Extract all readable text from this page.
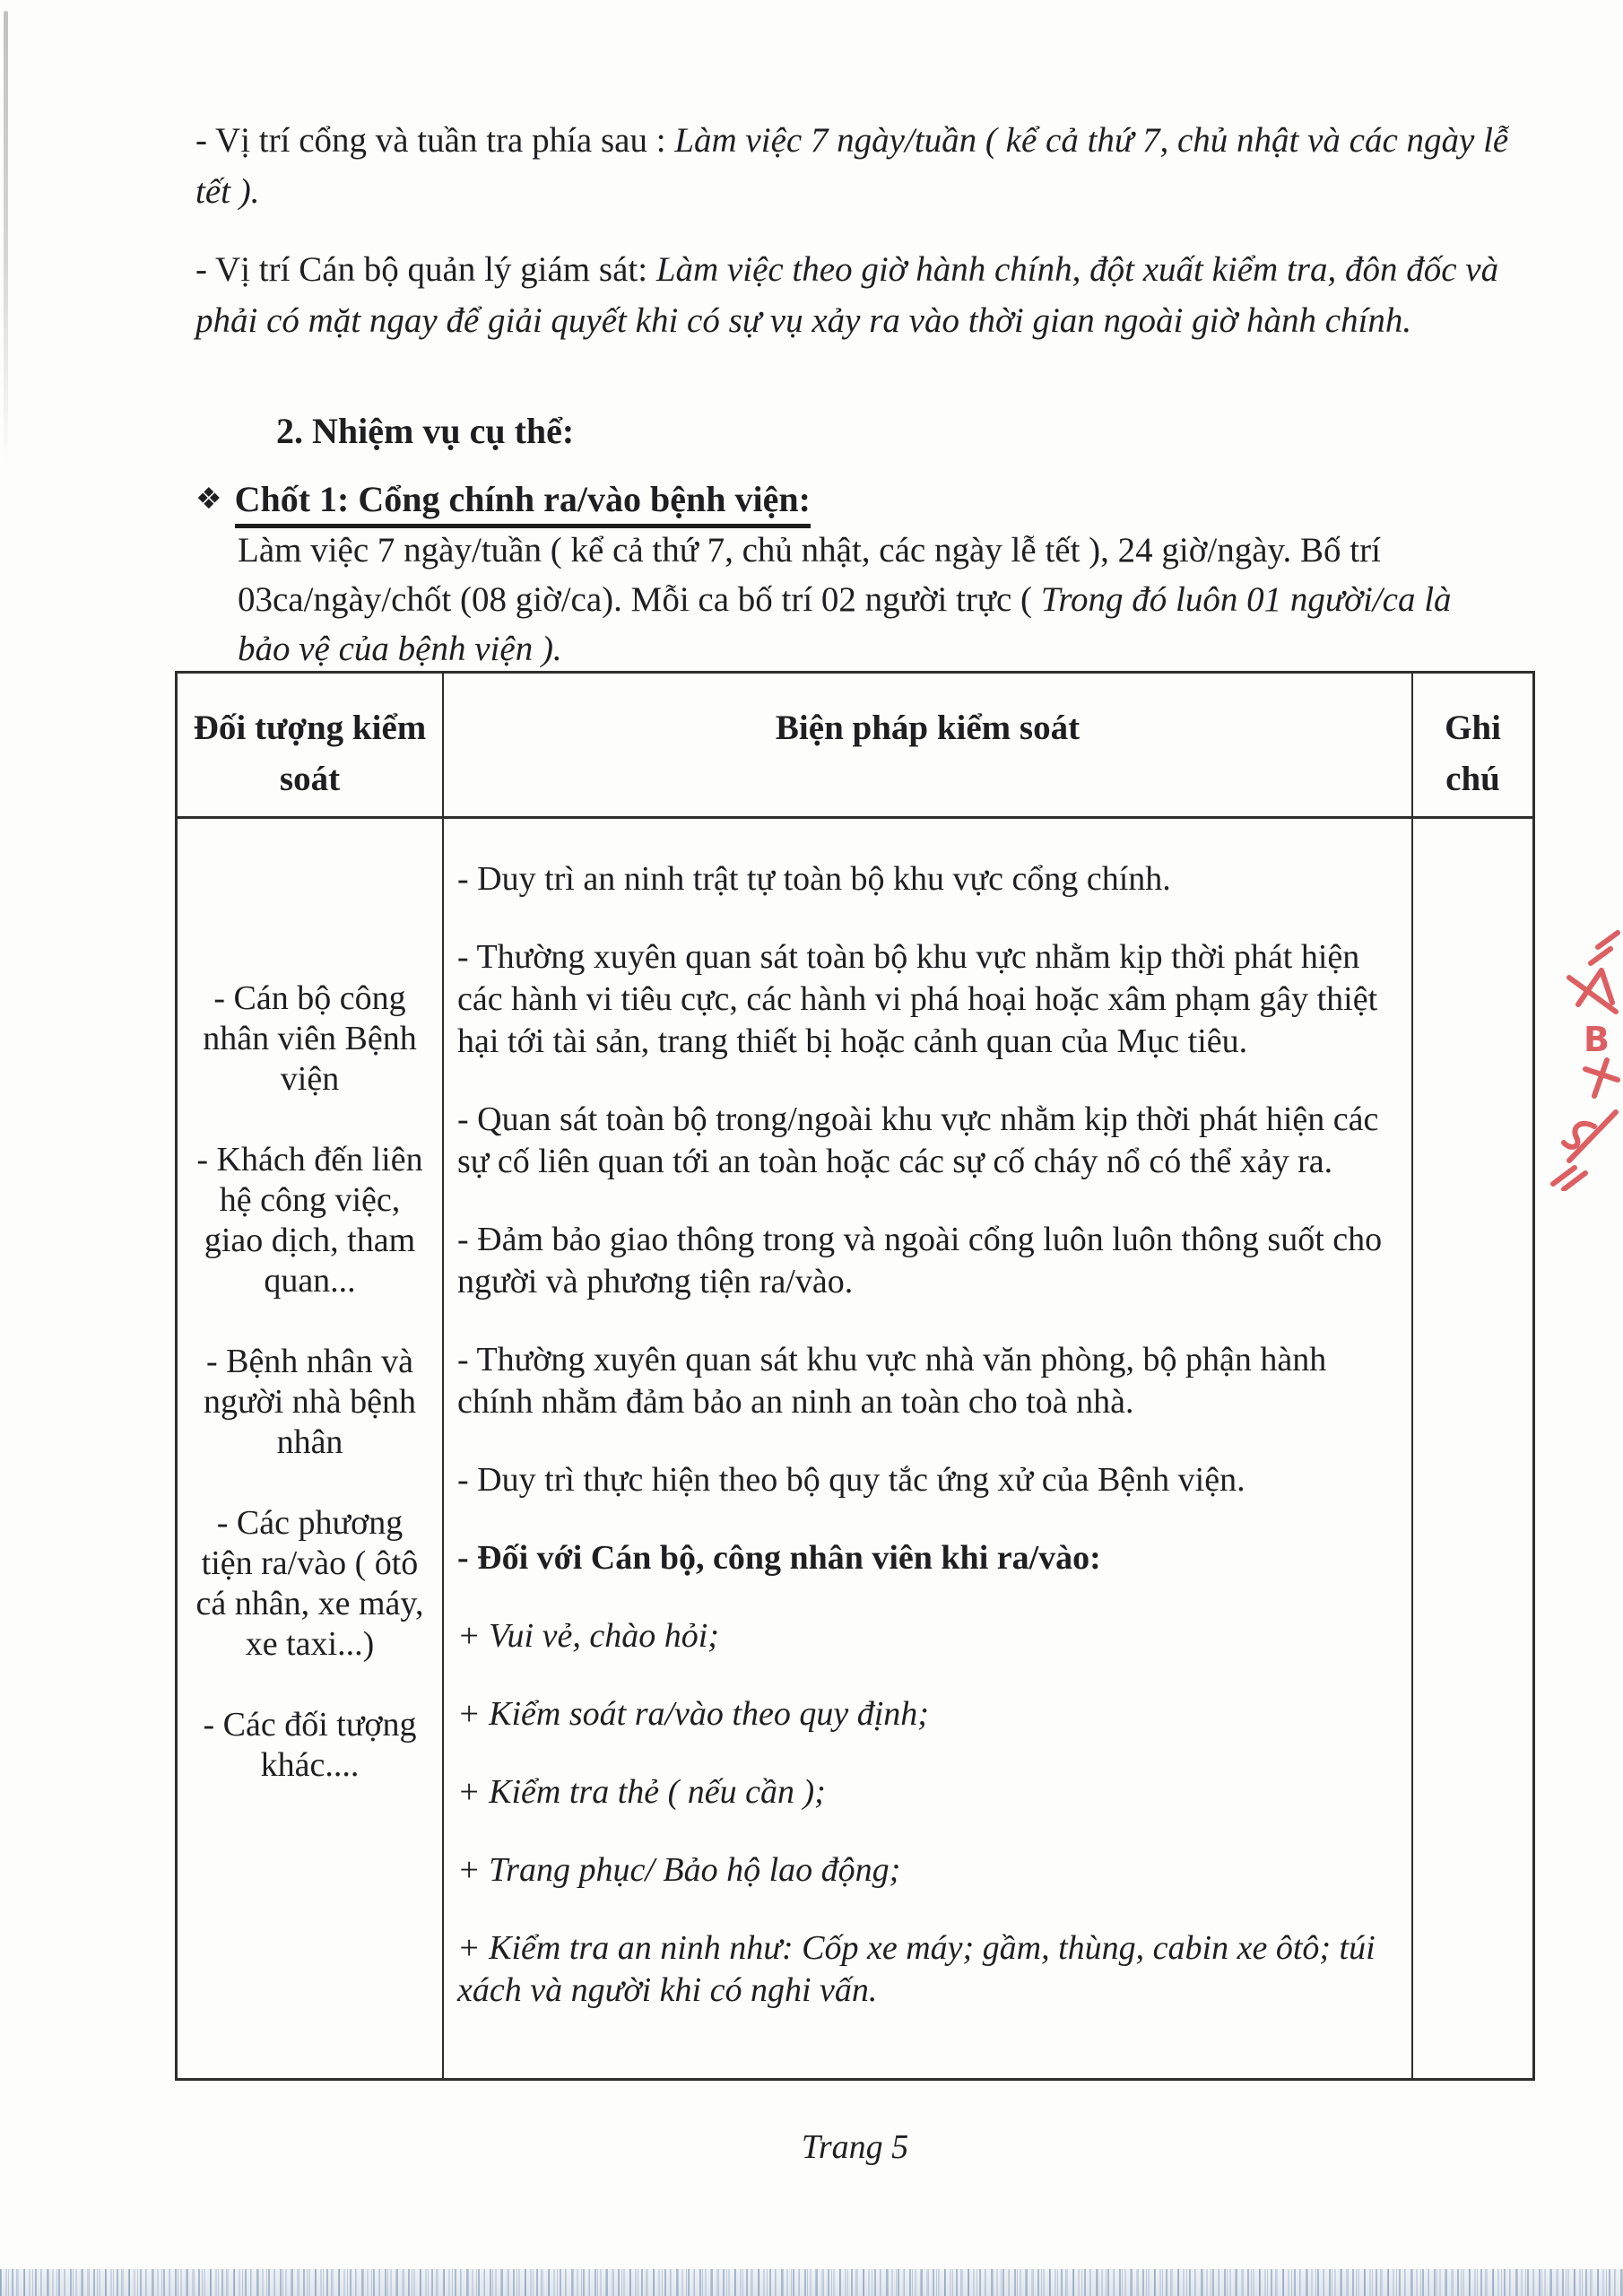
- Vị trí cổng và tuần tra phía sau : Làm việc 7 ngày/tuần ( kể cả thứ 7, chủ nhật và các ngày lễ tết ).

- Vị trí Cán bộ quản lý giám sát: Làm việc theo giờ hành chính, đột xuất kiểm tra, đôn đốc và phải có mặt ngay để giải quyết khi có sự vụ xảy ra vào thời gian ngoài giờ hành chính.

2. Nhiệm vụ cụ thể:

❖ Chốt 1: Cổng chính ra/vào bệnh viện:

Làm việc 7 ngày/tuần ( kể cả thứ 7, chủ nhật, các ngày lễ tết ), 24 giờ/ngày. Bố trí 03ca/ngày/chốt (08 giờ/ca). Mỗi ca bố trí 02 người trực ( Trong đó luôn 01 người/ca là bảo vệ của bệnh viện ).

Đối tượng kiểm soát
Biện pháp kiểm soát	Ghi chú

- Cán bộ công nhân viên Bệnh viện

- Khách đến liên hệ công việc, giao dịch, tham quan...

- Bệnh nhân và người nhà bệnh nhân

- Các phương tiện ra/vào ( ôtô cá nhân, xe máy, xe taxi...)

- Các đối tượng khác....

- Duy trì an ninh trật tự toàn bộ khu vực cổng chính.

- Thường xuyên quan sát toàn bộ khu vực nhằm kịp thời phát hiện các hành vi tiêu cực, các hành vi phá hoại hoặc xâm phạm gây thiệt hại tới tài sản, trang thiết bị hoặc cảnh quan của Mục tiêu.

- Quan sát toàn bộ trong/ngoài khu vực nhằm kịp thời phát hiện các sự cố liên quan tới an toàn hoặc các sự cố cháy nổ có thể xảy ra.

- Đảm bảo giao thông trong và ngoài cổng luôn luôn thông suốt cho người và phương tiện ra/vào.

- Thường xuyên quan sát khu vực nhà văn phòng, bộ phận hành chính nhằm đảm bảo an ninh an toàn cho toà nhà.

- Duy trì thực hiện theo bộ quy tắc ứng xử của Bệnh viện.

- Đối với Cán bộ, công nhân viên khi ra/vào:

+ Vui vẻ, chào hỏi;

+ Kiểm soát ra/vào theo quy định;

+ Kiểm tra thẻ ( nếu cần );

+ Trang phục/ Bảo hộ lao động;

+ Kiểm tra an ninh như: Cốp xe máy; gầm, thùng, cabin xe ôtô; túi xách và người khi có nghi vấn.

B

Trang 5
